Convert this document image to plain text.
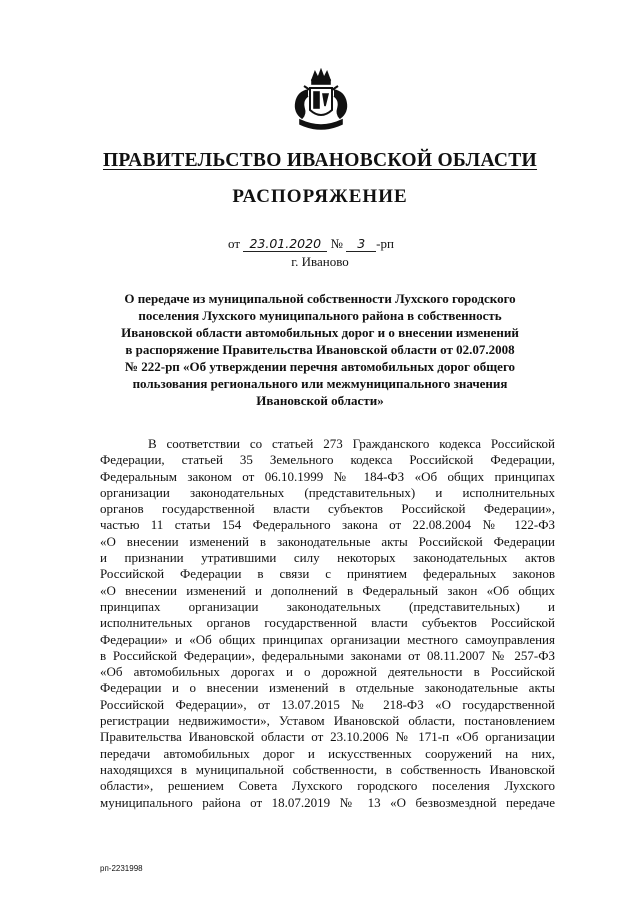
ПРАВИТЕЛЬСТВО ИВАНОВСКОЙ ОБЛАСТИ
РАСПОРЯЖЕНИЕ
от 23.01.2020 № 3 -рп
г. Иваново
О передаче из муниципальной собственности Лухского городского
поселения Лухского муниципального района в собственность
Ивановской области автомобильных дорог и о внесении изменений
в распоряжение Правительства Ивановской области от 02.07.2008
№ 222-рп «Об утверждении перечня автомобильных дорог общего
пользования регионального или межмуниципального значения
Ивановской области»
В соответствии со статьей 273 Гражданского кодекса Российской
Федерации, статьей 35 Земельного кодекса Российской Федерации,
Федеральным законом от 06.10.1999 № 184-ФЗ «Об общих принципах
организации законодательных (представительных) и исполнительных
органов государственной власти субъектов Российской Федерации»,
частью 11 статьи 154 Федерального закона от 22.08.2004 № 122-ФЗ
«О внесении изменений в законодательные акты Российской Федерации
и признании утратившими силу некоторых законодательных актов
Российской Федерации в связи с принятием федеральных законов
«О внесении изменений и дополнений в Федеральный закон «Об общих
принципах организации законодательных (представительных) и
исполнительных органов государственной власти субъектов Российской
Федерации» и «Об общих принципах организации местного самоуправления
в Российской Федерации», федеральными законами от 08.11.2007 № 257-ФЗ
«Об автомобильных дорогах и о дорожной деятельности в Российской
Федерации и о внесении изменений в отдельные законодательные акты
Российской Федерации», от 13.07.2015 № 218-ФЗ «О государственной
регистрации недвижимости», Уставом Ивановской области, постановлением
Правительства Ивановской области от 23.10.2006 № 171-п «Об организации
передачи автомобильных дорог и искусственных сооружений на них,
находящихся в муниципальной собственности, в собственность Ивановской
области», решением Совета Лухского городского поселения Лухского
муниципального района от 18.07.2019 № 13 «О безвозмездной передаче
рп-2231998
